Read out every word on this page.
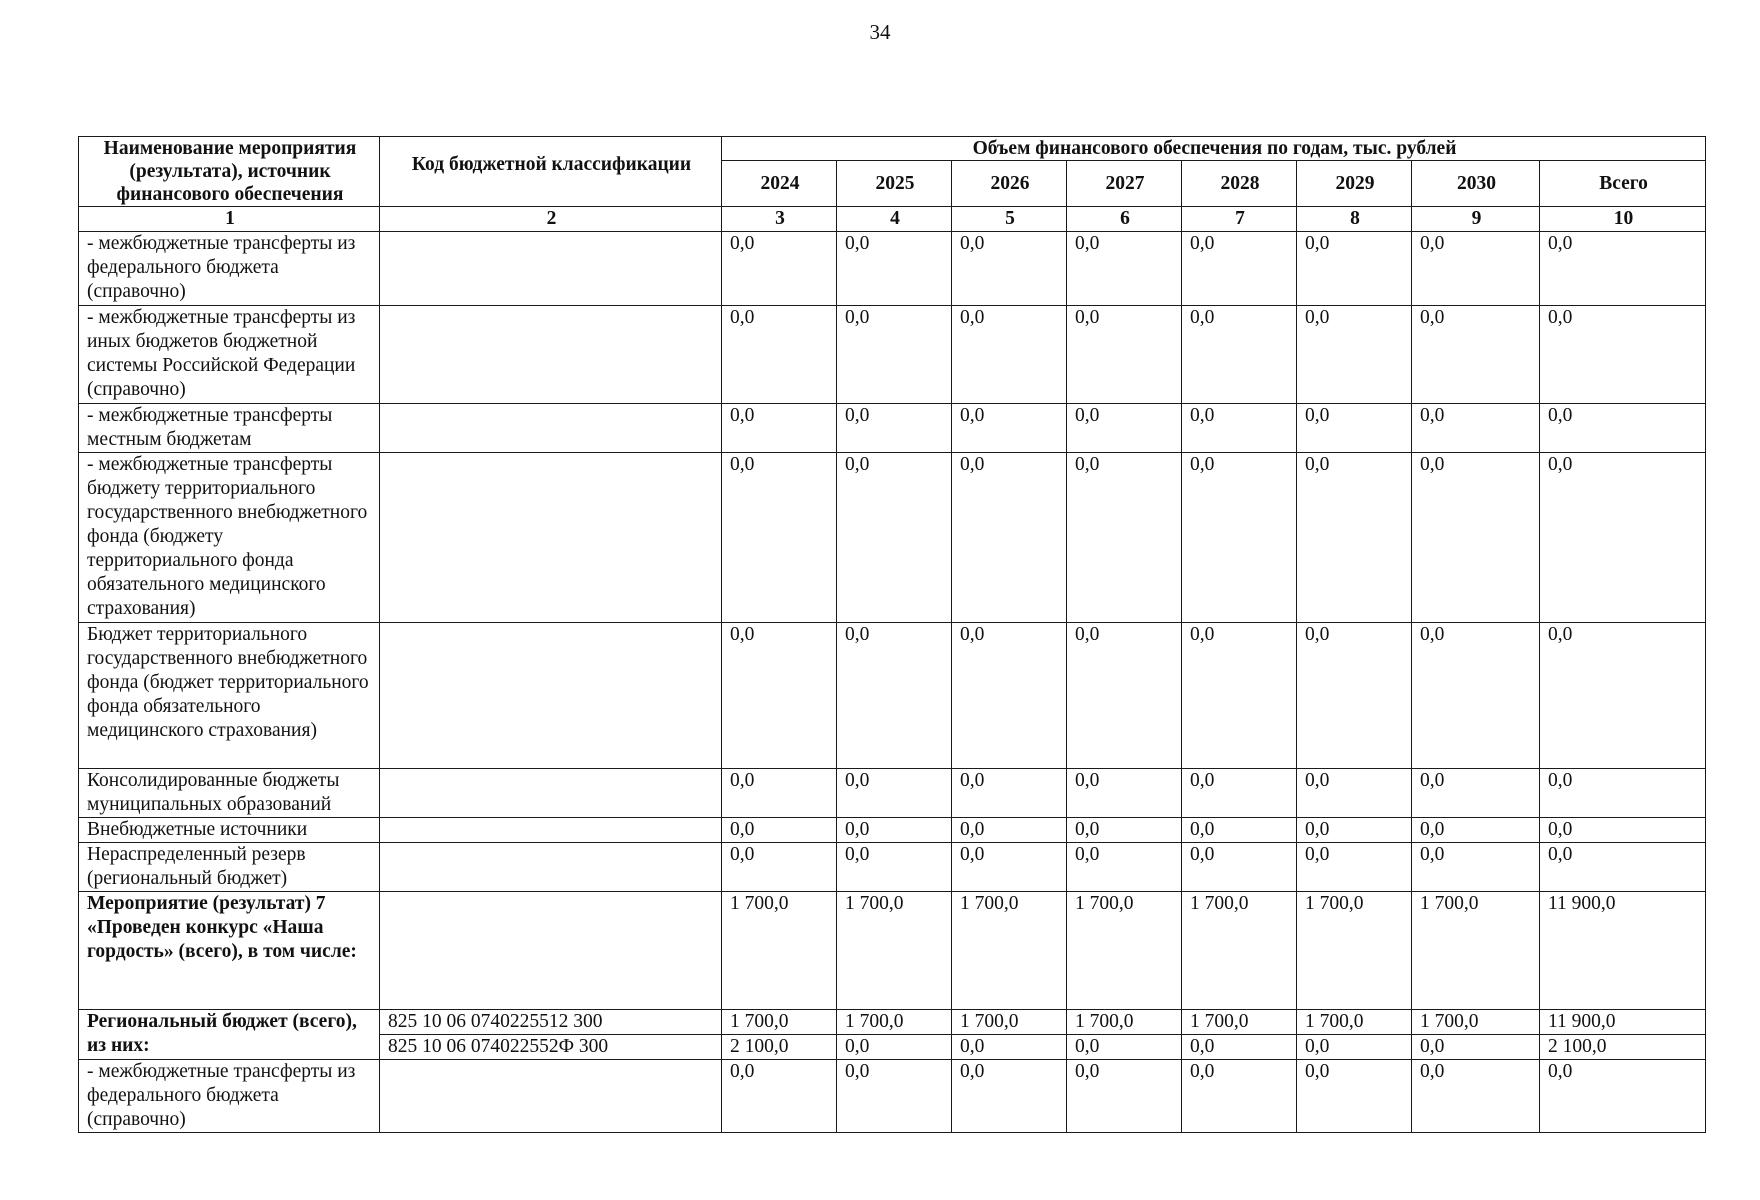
34
Наименование мероприятия (результата), источник финансового обеспечения	Код бюджетной классификации	Объем финансового обеспечения по годам, тыс. рублей							
		2024	2025	2026	2027	2028	2029	2030	Всего
1	2	3	4	5	6	7	8	9	10
- межбюджетные трансферты из федерального бюджета (справочно)		0,0	0,0	0,0	0,0	0,0	0,0	0,0	0,0
- межбюджетные трансферты из иных бюджетов бюджетной системы Российской Федерации (справочно)		0,0	0,0	0,0	0,0	0,0	0,0	0,0	0,0
- межбюджетные трансферты местным бюджетам		0,0	0,0	0,0	0,0	0,0	0,0	0,0	0,0
- межбюджетные трансферты бюджету территориального государственного внебюджетного фонда (бюджету территориального фонда обязательного медицинского страхования)		0,0	0,0	0,0	0,0	0,0	0,0	0,0	0,0
Бюджет территориального государственного внебюджетного фонда (бюджет территориального фонда обязательного медицинского страхования)		0,0	0,0	0,0	0,0	0,0	0,0	0,0	0,0
Консолидированные бюджеты муниципальных образований		0,0	0,0	0,0	0,0	0,0	0,0	0,0	0,0
Внебюджетные источники		0,0	0,0	0,0	0,0	0,0	0,0	0,0	0,0
Нераспределенный резерв (региональный бюджет)		0,0	0,0	0,0	0,0	0,0	0,0	0,0	0,0
Мероприятие (результат) 7 «Проведен конкурс «Наша гордость» (всего), в том числе:		1 700,0	1 700,0	1 700,0	1 700,0	1 700,0	1 700,0	1 700,0	11 900,0
Региональный бюджет (всего), из них:	825 10 06 0740225512 300	1 700,0	1 700,0	1 700,0	1 700,0	1 700,0	1 700,0	1 700,0	11 900,0
	825 10 06 074022552Ф 300	2 100,0	0,0	0,0	0,0	0,0	0,0	0,0	2 100,0
- межбюджетные трансферты из федерального бюджета (справочно)		0,0	0,0	0,0	0,0	0,0	0,0	0,0	0,0
